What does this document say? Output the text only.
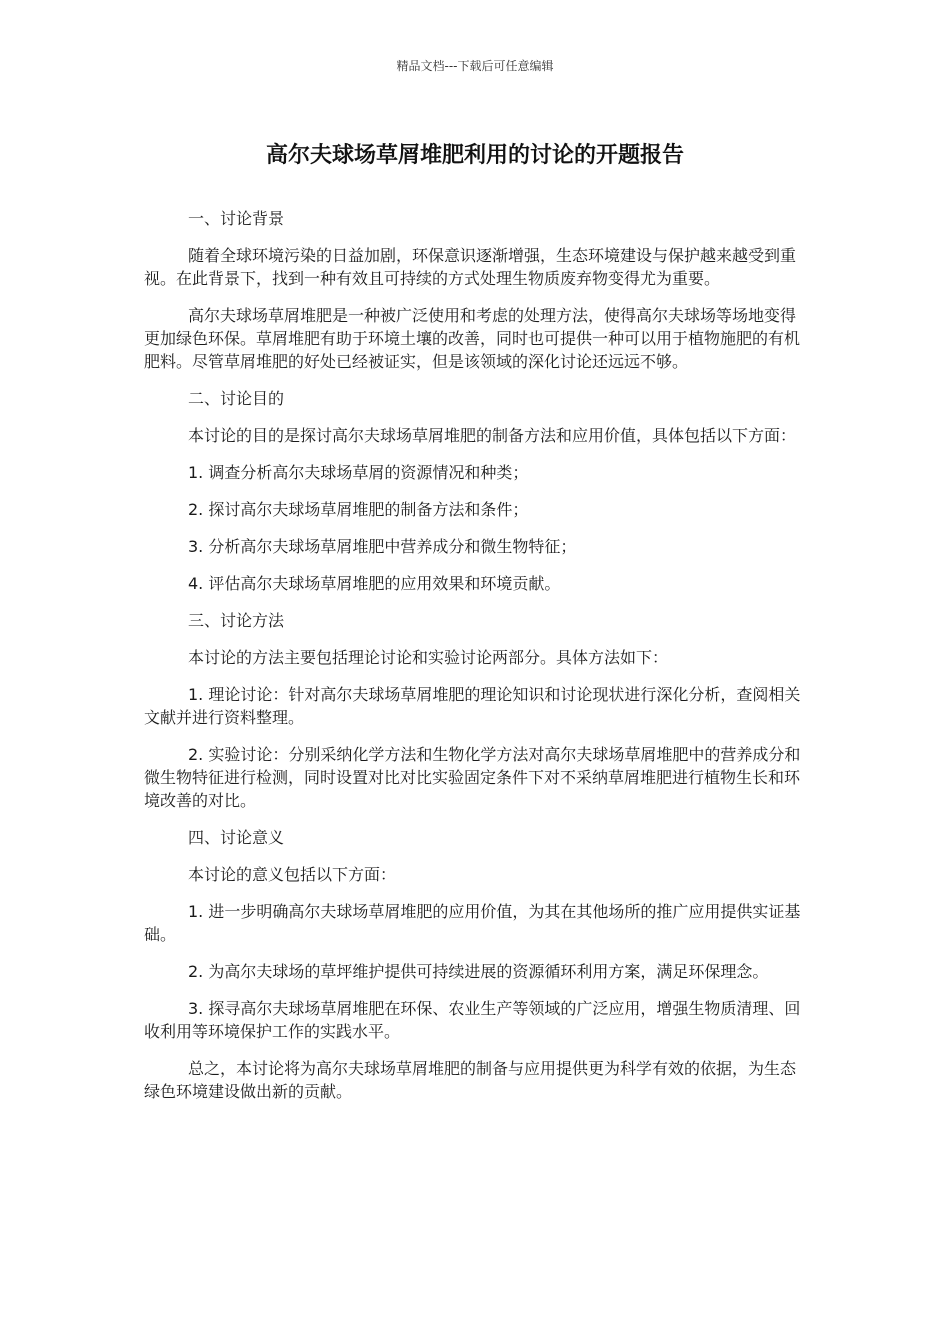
精品文档---下载后可任意编辑
高尔夫球场草屑堆肥利用的讨论的开题报告

一、讨论背景

随着全球环境污染的日益加剧，环保意识逐渐增强，生态环境建设与保护越来越受到重视。在此背景下，找到一种有效且可持续的方式处理生物质废弃物变得尤为重要。

高尔夫球场草屑堆肥是一种被广泛使用和考虑的处理方法，使得高尔夫球场等场地变得更加绿色环保。草屑堆肥有助于环境土壤的改善，同时也可提供一种可以用于植物施肥的有机肥料。尽管草屑堆肥的好处已经被证实，但是该领域的深化讨论还远远不够。

二、讨论目的

本讨论的目的是探讨高尔夫球场草屑堆肥的制备方法和应用价值，具体包括以下方面：

1. 调查分析高尔夫球场草屑的资源情况和种类；

2. 探讨高尔夫球场草屑堆肥的制备方法和条件；

3. 分析高尔夫球场草屑堆肥中营养成分和微生物特征；

4. 评估高尔夫球场草屑堆肥的应用效果和环境贡献。

三、讨论方法

本讨论的方法主要包括理论讨论和实验讨论两部分。具体方法如下：

1. 理论讨论：针对高尔夫球场草屑堆肥的理论知识和讨论现状进行深化分析，查阅相关文献并进行资料整理。

2. 实验讨论：分别采纳化学方法和生物化学方法对高尔夫球场草屑堆肥中的营养成分和微生物特征进行检测，同时设置对比对比实验固定条件下对不采纳草屑堆肥进行植物生长和环境改善的对比。

四、讨论意义

本讨论的意义包括以下方面：

1. 进一步明确高尔夫球场草屑堆肥的应用价值，为其在其他场所的推广应用提供实证基础。

2. 为高尔夫球场的草坪维护提供可持续进展的资源循环利用方案，满足环保理念。

3. 探寻高尔夫球场草屑堆肥在环保、农业生产等领域的广泛应用，增强生物质清理、回收利用等环境保护工作的实践水平。

总之，本讨论将为高尔夫球场草屑堆肥的制备与应用提供更为科学有效的依据，为生态绿色环境建设做出新的贡献。
